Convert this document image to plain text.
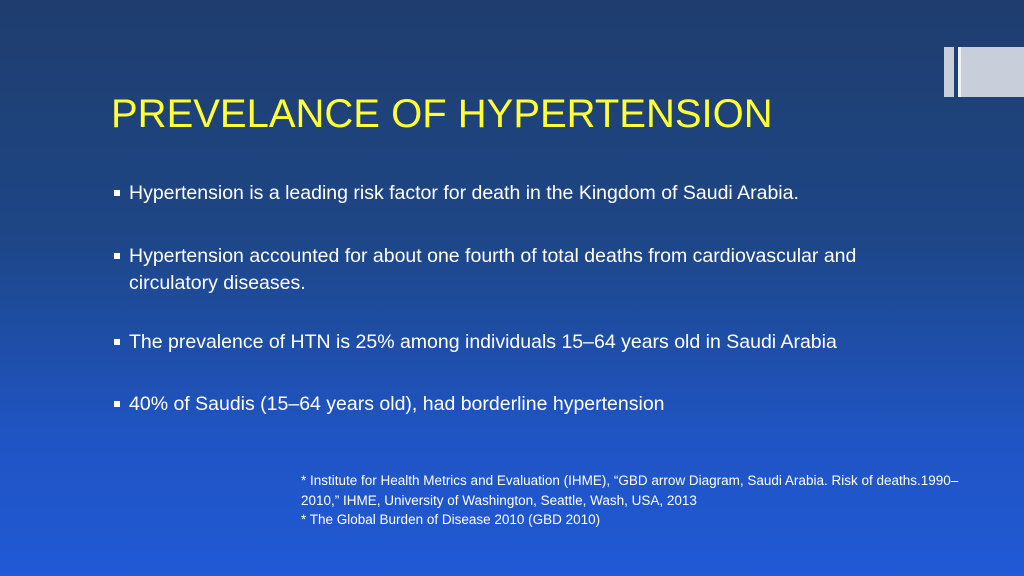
PREVELANCE OF HYPERTENSION
Hypertension is a leading risk factor for death in the Kingdom of Saudi Arabia.
Hypertension accounted for about one fourth of total deaths from cardiovascular and circulatory diseases.
The prevalence of HTN is 25% among individuals 15–64 years old in Saudi Arabia
40% of Saudis (15–64 years old), had borderline hypertension
* Institute for Health Metrics and Evaluation (IHME), “GBD arrow Diagram, Saudi Arabia. Risk of deaths.1990–2010,” IHME, University of Washington, Seattle, Wash, USA, 2013
* The Global Burden of Disease 2010 (GBD 2010)
